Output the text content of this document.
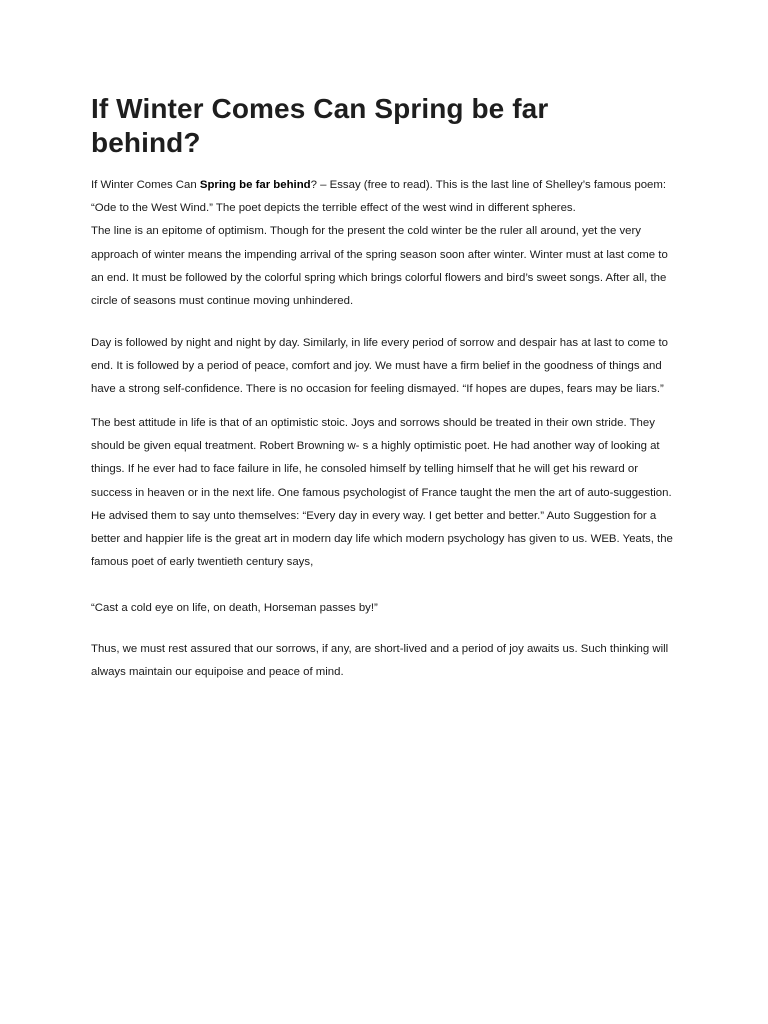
If Winter Comes Can Spring be far behind?

If Winter Comes Can Spring be far behind? – Essay (free to read). This is the last line of Shelley’s famous poem: “Ode to the West Wind.” The poet depicts the terrible effect of the west wind in different spheres.
The line is an epitome of optimism. Though for the present the cold winter be the ruler all around, yet the very approach of winter means the impending arrival of the spring season soon after winter. Winter must at last come to an end. It must be followed by the colorful spring which brings colorful flowers and bird’s sweet songs. After all, the circle of seasons must continue moving unhindered.

Day is followed by night and night by day. Similarly, in life every period of sorrow and despair has at last to come to end. It is followed by a period of peace, comfort and joy. We must have a firm belief in the goodness of things and have a strong self-confidence. There is no occasion for feeling dismayed. “If hopes are dupes, fears may be liars.”

The best attitude in life is that of an optimistic stoic. Joys and sorrows should be treated in their own stride. They should be given equal treatment. Robert Browning w- s a highly optimistic poet. He had another way of looking at things. If he ever had to face failure in life, he consoled himself by telling himself that he will get his reward or success in heaven or in the next life. One famous psychologist of France taught the men the art of auto-suggestion. He advised them to say unto themselves: “Every day in every way. I get better and better.” Auto Suggestion for a better and happier life is the great art in modern day life which modern psychology has given to us. WEB. Yeats, the famous poet of early twentieth century says,

“Cast a cold eye on life, on death, Horseman passes by!”

Thus, we must rest assured that our sorrows, if any, are short-lived and a period of joy awaits us. Such thinking will always maintain our equipoise and peace of mind.
